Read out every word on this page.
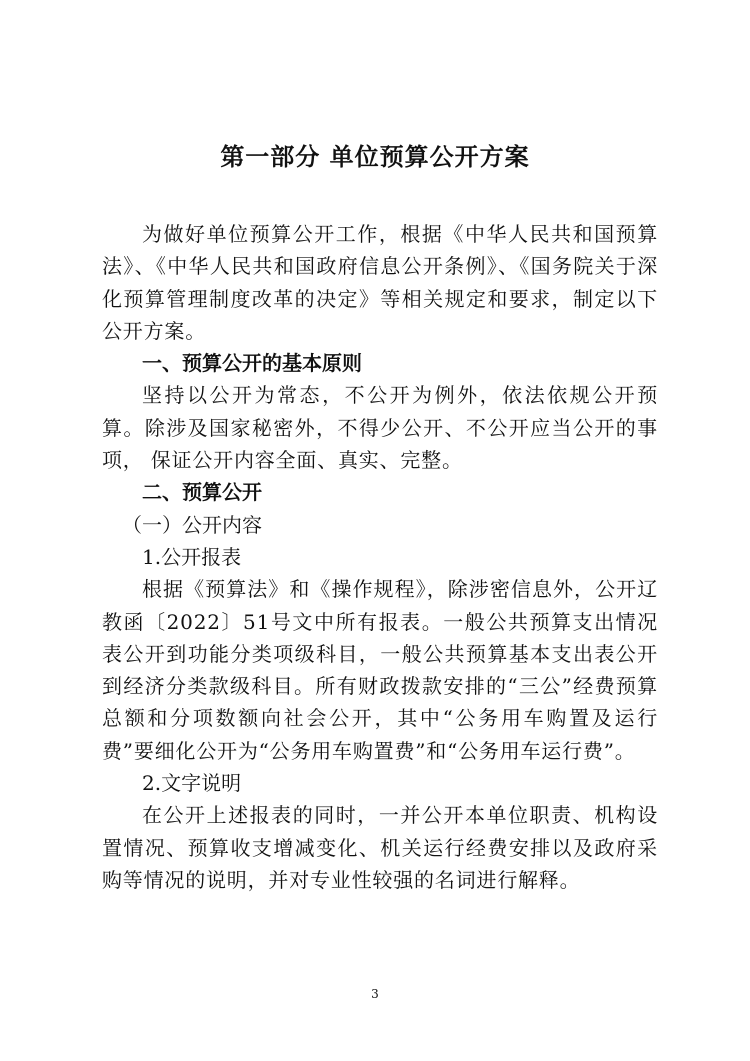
第一部分 单位预算公开方案

为做好单位预算公开工作，根据《中华人民共和国预算法》、《中华人民共和国政府信息公开条例》、《国务院关于深化预算管理制度改革的决定》等相关规定和要求，制定以下公开方案。

一、预算公开的基本原则

坚持以公开为常态，不公开为例外，依法依规公开预算。除涉及国家秘密外，不得少公开、不公开应当公开的事项， 保证公开内容全面、真实、完整。

二、预算公开

（一）公开内容

1.公开报表

根据《预算法》和《操作规程》，除涉密信息外，公开辽教函〔2022〕51号文中所有报表。一般公共预算支出情况表公开到功能分类项级科目，一般公共预算基本支出表公开到经济分类款级科目。所有财政拨款安排的“三公”经费预算总额和分项数额向社会公开，其中“公务用车购置及运行费”要细化公开为“公务用车购置费”和“公务用车运行费”。

2.文字说明

在公开上述报表的同时，一并公开本单位职责、机构设置情况、预算收支增减变化、机关运行经费安排以及政府采购等情况的说明，并对专业性较强的名词进行解释。

3
